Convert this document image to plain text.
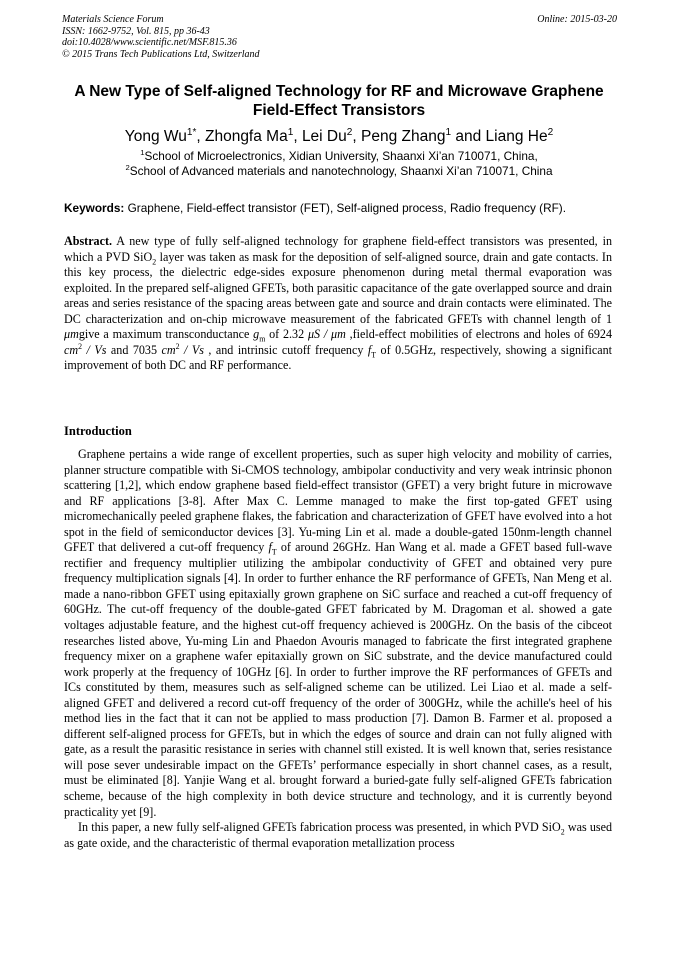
Materials Science Forum
ISSN: 1662-9752, Vol. 815, pp 36-43
doi:10.4028/www.scientific.net/MSF.815.36
© 2015 Trans Tech Publications Ltd, Switzerland
Online: 2015-03-20
A New Type of Self-aligned Technology for RF and Microwave Graphene
Field-Effect Transistors
Yong $Wu^{1*}$, Zhongfa Ma$^1$, Lei Du$^2$, Peng Zhang$^1$ and Liang He$^2$
$^1$School of Microelectronics, Xidian University, Shaanxi Xi’an 710071, China,
$^2$School of Advanced materials and nanotechnology, Shaanxi Xi’an 710071, China
Keywords: Graphene, Field-effect transistor (FET), Self-aligned process, Radio frequency (RF).

Abstract. A new type of fully self-aligned technology for graphene field-effect transistors was presented, in which a PVD SiO$_2$ layer was taken as mask for the deposition of self-aligned source, drain and gate contacts. In this key process, the dielectric edge-sides exposure phenomenon during metal thermal evaporation was exploited. In the prepared self-aligned GFETs, both parasitic capacitance of the gate overlapped source and drain areas and series resistance of the spacing areas between gate and source and drain contacts were eliminated. The DC characterization and on-chip microwave measurement of the fabricated GFETs with channel length of 1 μmgive a maximum transconductance $g_m$ of 2.32 μS / μm ,field-effect mobilities of electrons and holes of 6924 $cm^2$ / Vs and 7035 $cm^2$ / Vs , and intrinsic cutoff frequency $f_T$ of 0.5GHz, respectively, showing a significant improvement of both DC and RF performance.

Introduction

Graphene pertains a wide range of excellent properties, such as super high velocity and mobility of carries, planner structure compatible with Si-CMOS technology, ambipolar conductivity and very weak intrinsic phonon scattering [1,2], which endow graphene based field-effect transistor (GFET) a very bright future in microwave and RF applications [3-8]. After Max C. Lemme managed to make the first top-gated GFET using micromechanically peeled graphene flakes, the fabrication and characterization of GFET have evolved into a hot spot in the field of semiconductor devices [3]. Yu-ming Lin et al. made a double-gated 150nm-length channel GFET that delivered a cut-off frequency $f_T$ of around 26GHz. Han Wang et al. made a GFET based full-wave rectifier and frequency multiplier utilizing the ambipolar conductivity of GFET and obtained very pure frequency multiplication signals [4]. In order to further enhance the RF performance of GFETs, Nan Meng et al. made a nano-ribbon GFET using epitaxially grown graphene on SiC surface and reached a cut-off frequency of 60GHz. The cut-off frequency of the double-gated GFET fabricated by M. Dragoman et al. showed a gate voltages adjustable feature, and the highest cut-off frequency achieved is 200GHz. On the basis of the cibceot researches listed above, Yu-ming Lin and Phaedon Avouris managed to fabricate the first integrated graphene frequency mixer on a graphene wafer epitaxially grown on SiC substrate, and the device manufactured could work properly at the frequency of 10GHz [6]. In order to further improve the RF performances of GFETs and ICs constituted by them, measures such as self-aligned scheme can be utilized. Lei Liao et al. made a self-aligned GFET and delivered a record cut-off frequency of the order of 300GHz, while the achille's heel of his method lies in the fact that it can not be applied to mass production [7]. Damon B. Farmer et al. proposed a different self-aligned process for GFETs, but in which the edges of source and drain can not fully aligned with gate, as a result the parasitic resistance in series with channel still existed. It is well known that, series resistance will pose sever undesirable impact on the GFETs’ performance especially in short channel cases, as a result, must be eliminated [8]. Yanjie Wang et al. brought forward a buried-gate fully self-aligned GFETs fabrication scheme, because of the high complexity in both device structure and technology, and it is currently beyond practicality yet [9].

In this paper, a new fully self-aligned GFETs fabrication process was presented, in which PVD SiO$_2$ was used as gate oxide, and the characteristic of thermal evaporation metallization process
